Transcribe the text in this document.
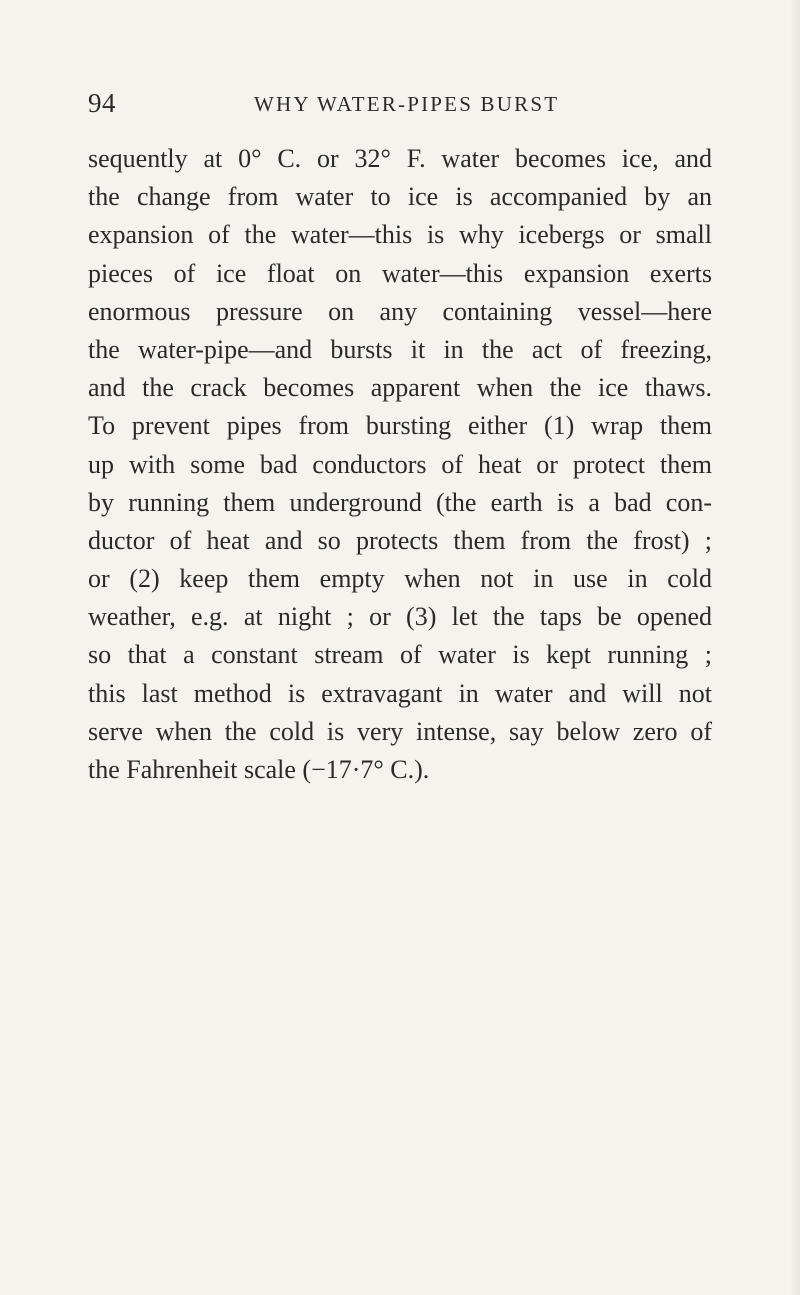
94	WHY WATER-PIPES BURST
sequently at 0° C. or 32° F. water becomes ice, and
the change from water to ice is accompanied by an
expansion of the water—this is why icebergs or small
pieces of ice float on water—this expansion exerts
enormous pressure on any containing vessel—here
the water-pipe—and bursts it in the act of freezing,
and the crack becomes apparent when the ice thaws.
To prevent pipes from bursting either (1) wrap them
up with some bad conductors of heat or protect them
by running them underground (the earth is a bad con-
ductor of heat and so protects them from the frost) ;
or (2) keep them empty when not in use in cold
weather, e.g. at night ; or (3) let the taps be opened
so that a constant stream of water is kept running ;
this last method is extravagant in water and will not
serve when the cold is very intense, say below zero of
the Fahrenheit scale (−17·7° C.).
